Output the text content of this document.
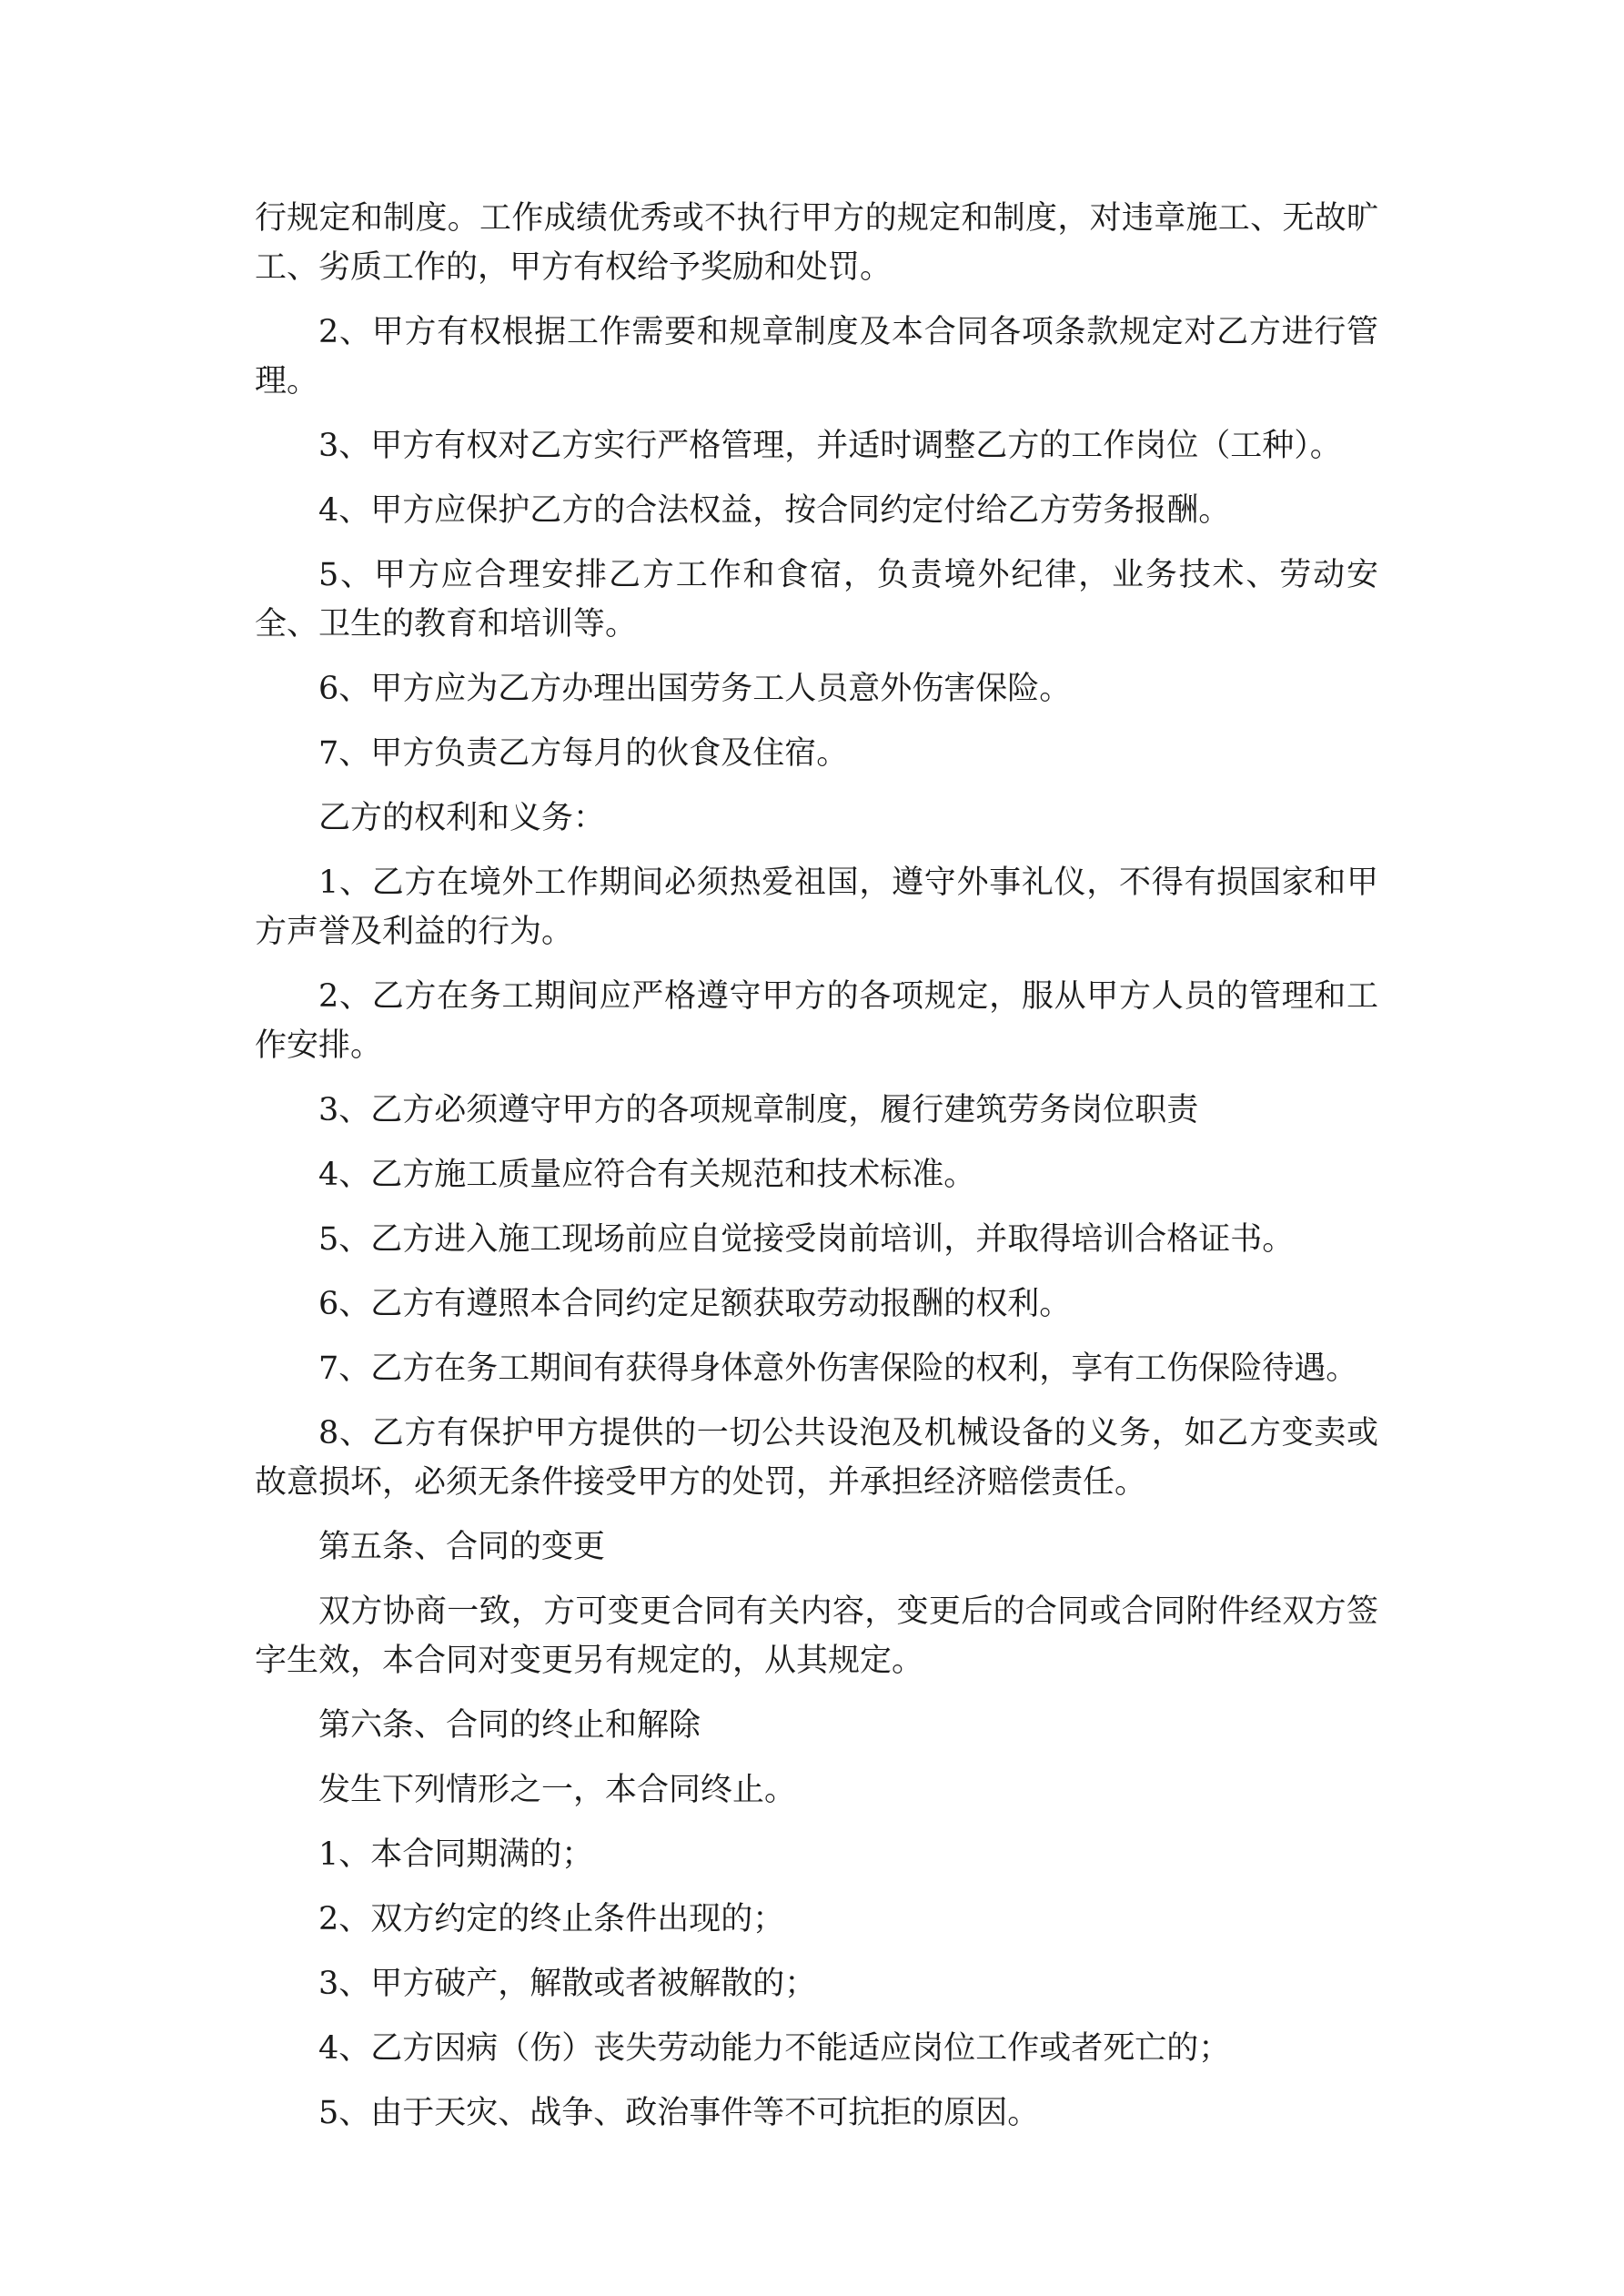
行规定和制度。工作成绩优秀或不执行甲方的规定和制度，对违章施工、无故旷工、劣质工作的，甲方有权给予奖励和处罚。

2、甲方有权根据工作需要和规章制度及本合同各项条款规定对乙方进行管理。

3、甲方有权对乙方实行严格管理，并适时调整乙方的工作岗位（工种）。

4、甲方应保护乙方的合法权益，按合同约定付给乙方劳务报酬。

5、甲方应合理安排乙方工作和食宿，负责境外纪律，业务技术、劳动安全、卫生的教育和培训等。

6、甲方应为乙方办理出国劳务工人员意外伤害保险。

7、甲方负责乙方每月的伙食及住宿。

乙方的权利和义务：

1、乙方在境外工作期间必须热爱祖国，遵守外事礼仪，不得有损国家和甲方声誉及利益的行为。

2、乙方在务工期间应严格遵守甲方的各项规定，服从甲方人员的管理和工作安排。

3、乙方必须遵守甲方的各项规章制度，履行建筑劳务岗位职责

4、乙方施工质量应符合有关规范和技术标准。

5、乙方进入施工现场前应自觉接受岗前培训，并取得培训合格证书。

6、乙方有遵照本合同约定足额获取劳动报酬的权利。

7、乙方在务工期间有获得身体意外伤害保险的权利，享有工伤保险待遇。

8、乙方有保护甲方提供的一切公共设泡及机械设备的义务，如乙方变卖或故意损坏，必须无条件接受甲方的处罚，并承担经济赔偿责任。

第五条、合同的变更

双方协商一致，方可变更合同有关内容，变更后的合同或合同附件经双方签字生效，本合同对变更另有规定的，从其规定。

第六条、合同的终止和解除

发生下列情形之一，本合同终止。

1、本合同期满的；

2、双方约定的终止条件出现的；

3、甲方破产，解散或者被解散的；

4、乙方因病（伤）丧失劳动能力不能适应岗位工作或者死亡的；

5、由于天灾、战争、政治事件等不可抗拒的原因。
